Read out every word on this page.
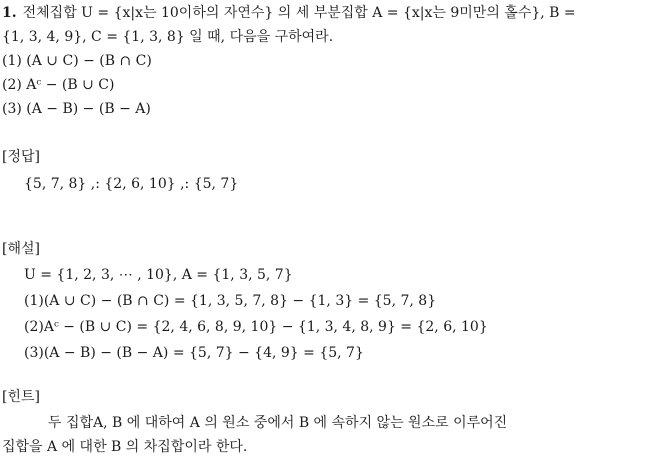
1. 전체집합 U = {x|x는 10이하의 자연수} 의 세 부분집합 A = {x|x는 9미만의 홀수}, B =
{1, 3, 4, 9}, C = {1, 3, 8} 일 때, 다음을 구하여라.
(1) (A ∪ C) − (B ∩ C)
(2) Aᶜ − (B ∪ C)
(3) (A − B) − (B − A)
[정답]
{5, 7, 8} ,: {2, 6, 10} ,: {5, 7}
[해설]
U = {1, 2, 3, ⋯ , 10}, A = {1, 3, 5, 7}
(1)(A ∪ C) − (B ∩ C) = {1, 3, 5, 7, 8} − {1, 3} = {5, 7, 8}
(2)Aᶜ − (B ∪ C) = {2, 4, 6, 8, 9, 10} − {1, 3, 4, 8, 9} = {2, 6, 10}
(3)(A − B) − (B − A) = {5, 7} − {4, 9} = {5, 7}
[힌트]
두 집합A, B 에 대하여 A 의 원소 중에서 B 에 속하지 않는 원소로 이루어진
집합을 A 에 대한 B 의 차집합이라 한다.
